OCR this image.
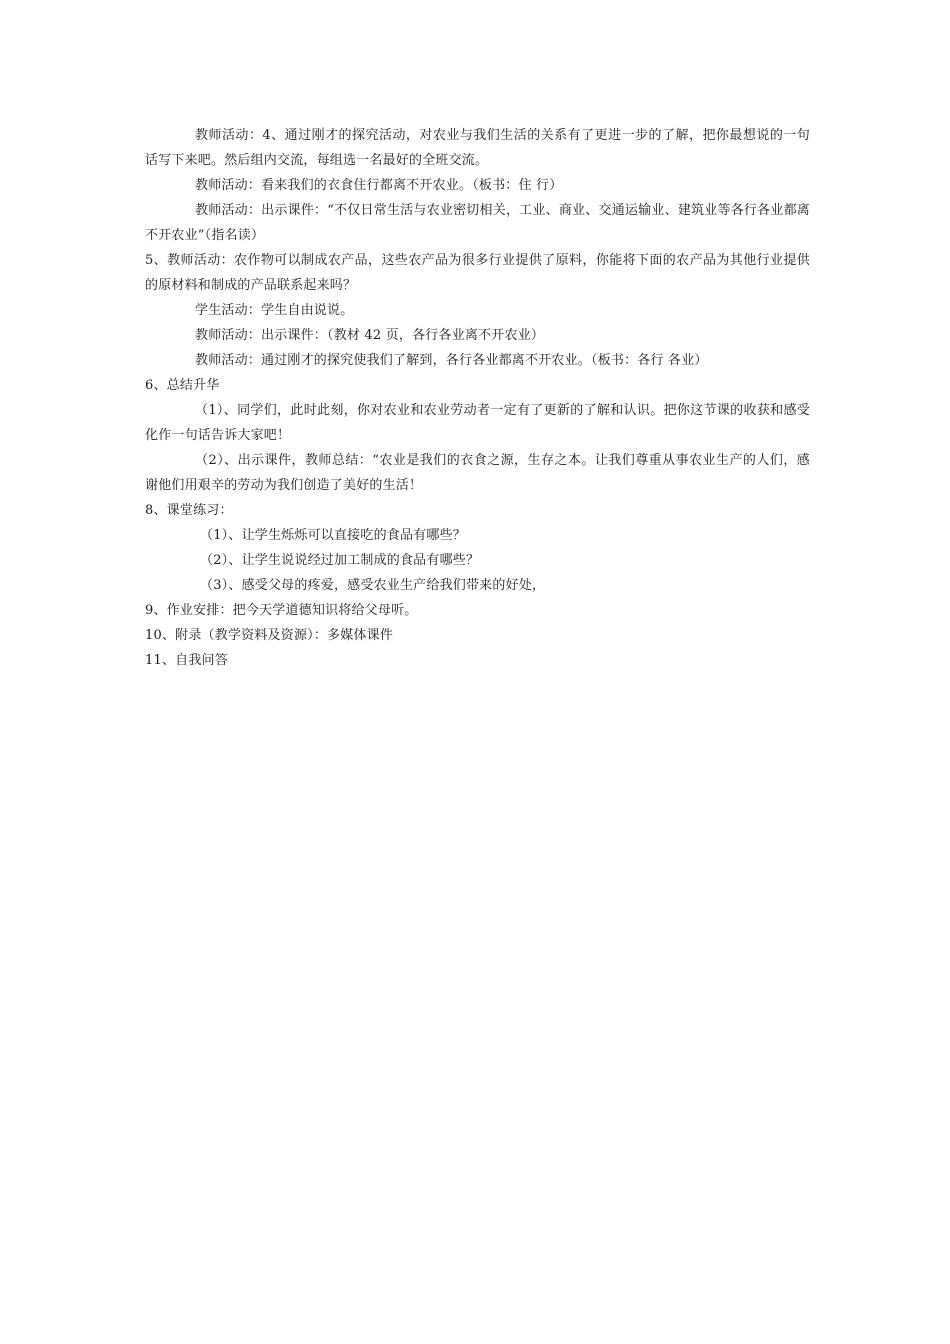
教师活动：4、通过刚才的探究活动，对农业与我们生活的关系有了更进一步的了解，把你最想说的一句话写下来吧。然后组内交流，每组选一名最好的全班交流。

教师活动：看来我们的衣食住行都离不开农业。（板书：住 行）

教师活动：出示课件：“不仅日常生活与农业密切相关，工业、商业、交通运输业、建筑业等各行各业都离不开农业”（指名读）

5、教师活动：农作物可以制成农产品，这些农产品为很多行业提供了原料，你能将下面的农产品为其他行业提供的原材料和制成的产品联系起来吗？

学生活动：学生自由说说。

教师活动：出示课件：（教材 42 页，各行各业离不开农业）

教师活动：通过刚才的探究使我们了解到，各行各业都离不开农业。（板书：各行 各业）

6、总结升华

（1）、同学们，此时此刻，你对农业和农业劳动者一定有了更新的了解和认识。把你这节课的收获和感受化作一句话告诉大家吧！

（2）、出示课件，教师总结：“农业是我们的衣食之源，生存之本。让我们尊重从事农业生产的人们，感谢他们用艰辛的劳动为我们创造了美好的生活！

8、课堂练习：

（1）、让学生烁烁可以直接吃的食品有哪些？

（2）、让学生说说经过加工制成的食品有哪些？

（3）、感受父母的疼爱，感受农业生产给我们带来的好处，

9、作业安排：把今天学道德知识将给父母听。

10、附录（教学资料及资源）：多媒体课件

11、自我问答
